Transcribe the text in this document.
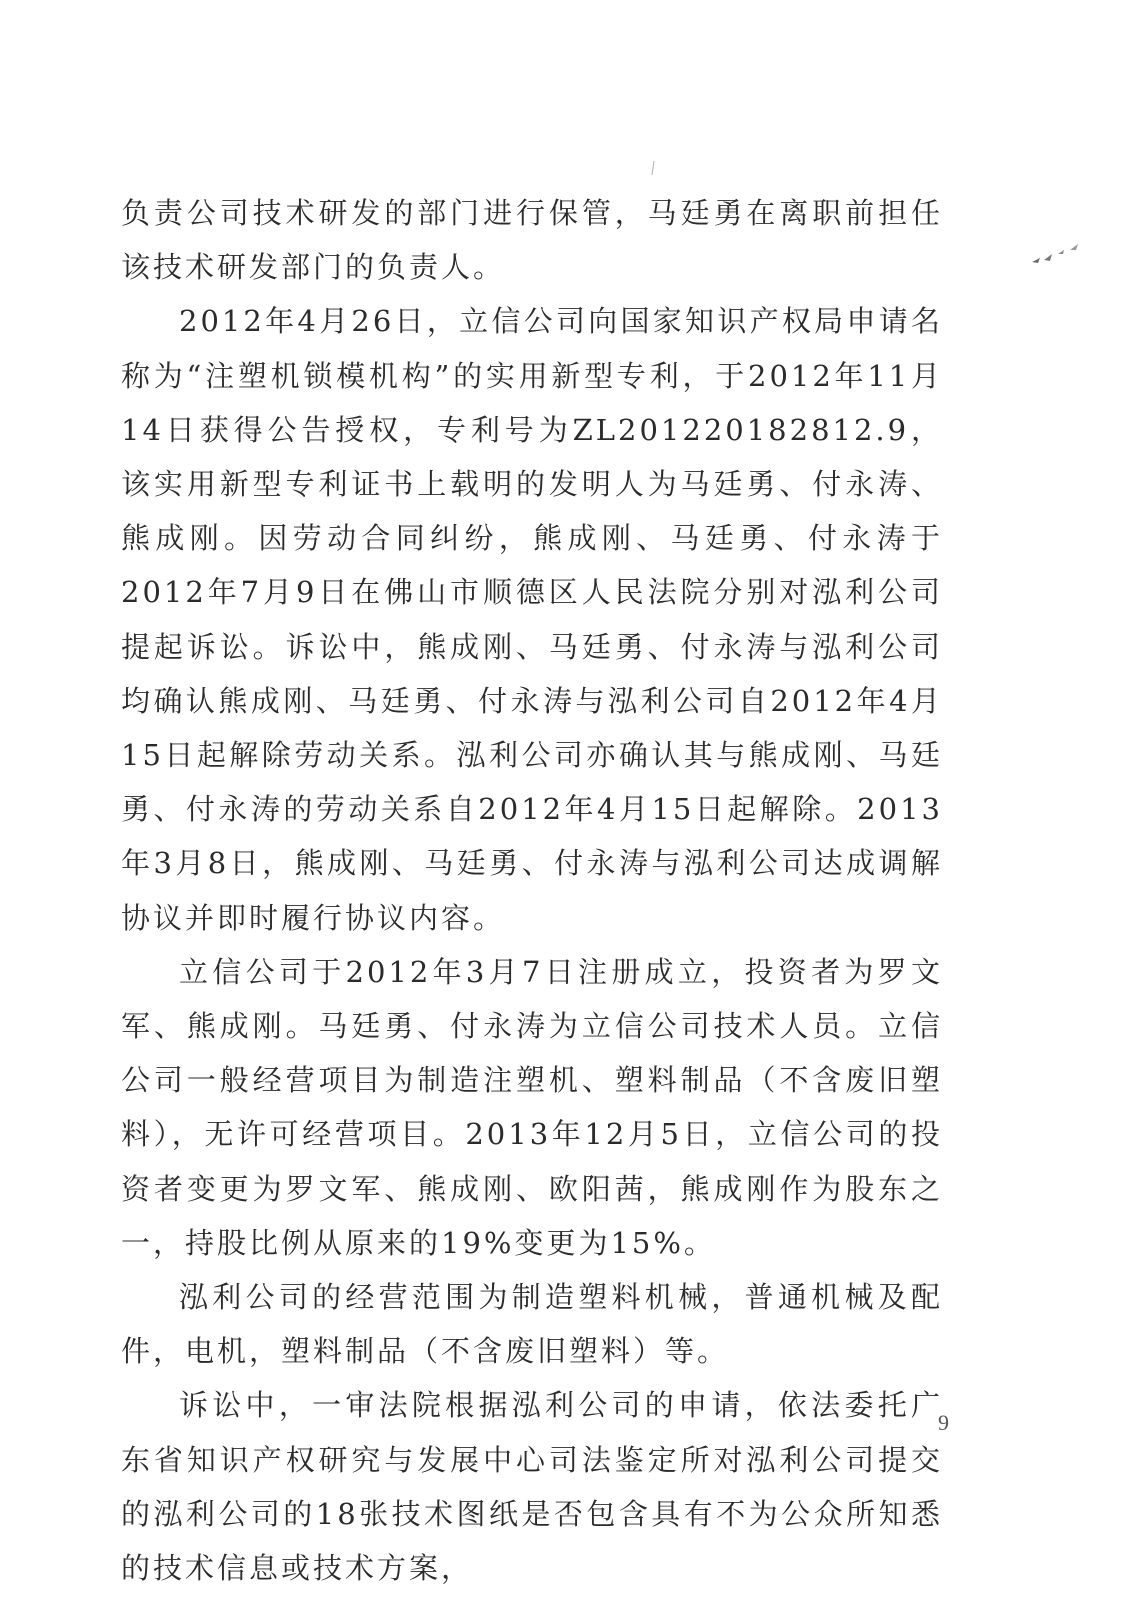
负责公司技术研发的部门进行保管，马廷勇在离职前担任该技术研发部门的负责人。

2012年4月26日，立信公司向国家知识产权局申请名称为“注塑机锁模机构”的实用新型专利，于2012年11月14日获得公告授权，专利号为ZL201220182812.9，该实用新型专利证书上载明的发明人为马廷勇、付永涛、熊成刚。因劳动合同纠纷，熊成刚、马廷勇、付永涛于2012年7月9日在佛山市顺德区人民法院分别对泓利公司提起诉讼。诉讼中，熊成刚、马廷勇、付永涛与泓利公司均确认熊成刚、马廷勇、付永涛与泓利公司自2012年4月15日起解除劳动关系。泓利公司亦确认其与熊成刚、马廷勇、付永涛的劳动关系自2012年4月15日起解除。2013年3月8日，熊成刚、马廷勇、付永涛与泓利公司达成调解协议并即时履行协议内容。

立信公司于2012年3月7日注册成立，投资者为罗文军、熊成刚。马廷勇、付永涛为立信公司技术人员。立信公司一般经营项目为制造注塑机、塑料制品（不含废旧塑料），无许可经营项目。2013年12月5日，立信公司的投资者变更为罗文军、熊成刚、欧阳茜，熊成刚作为股东之一，持股比例从原来的19%变更为15%。

泓利公司的经营范围为制造塑料机械，普通机械及配件，电机，塑料制品（不含废旧塑料）等。

诉讼中，一审法院根据泓利公司的申请，依法委托广东省知识产权研究与发展中心司法鉴定所对泓利公司提交的泓利公司的18张技术图纸是否包含具有不为公众所知悉的技术信息或技术方案，

9
